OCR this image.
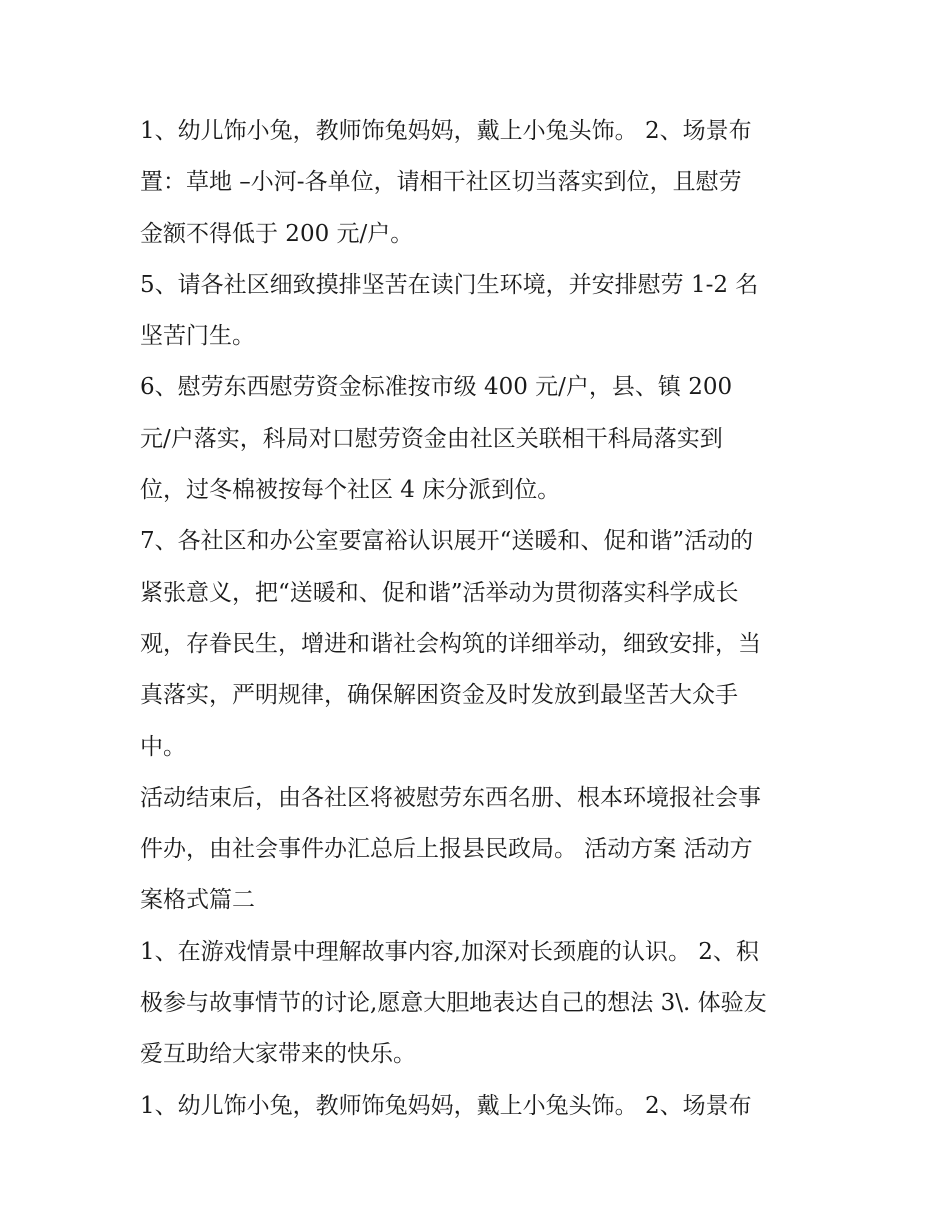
1、幼儿饰小兔，教师饰兔妈妈，戴上小兔头饰。 2、场景布
置：草地 –小河-各单位，请相干社区切当落实到位，且慰劳
金额不得低于 200 元/户。

5、请各社区细致摸排坚苦在读门生环境，并安排慰劳 1-2 名
坚苦门生。

6、慰劳东西慰劳资金标准按市级 400 元/户，县、镇 200
元/户落实，科局对口慰劳资金由社区关联相干科局落实到
位，过冬棉被按每个社区 4 床分派到位。

7、各社区和办公室要富裕认识展开“送暖和、促和谐”活动的
紧张意义，把“送暖和、促和谐”活举动为贯彻落实科学成长
观，存眷民生，增进和谐社会构筑的详细举动，细致安排，当
真落实，严明规律，确保解困资金及时发放到最坚苦大众手
中。

活动结束后，由各社区将被慰劳东西名册、根本环境报社会事
件办，由社会事件办汇总后上报县民政局。 活动方案 活动方
案格式篇二

1、在游戏情景中理解故事内容,加深对长颈鹿的认识。 2、积
极参与故事情节的讨论,愿意大胆地表达自己的想法 3\. 体验友
爱互助给大家带来的快乐。

1、幼儿饰小兔，教师饰兔妈妈，戴上小兔头饰。 2、场景布
